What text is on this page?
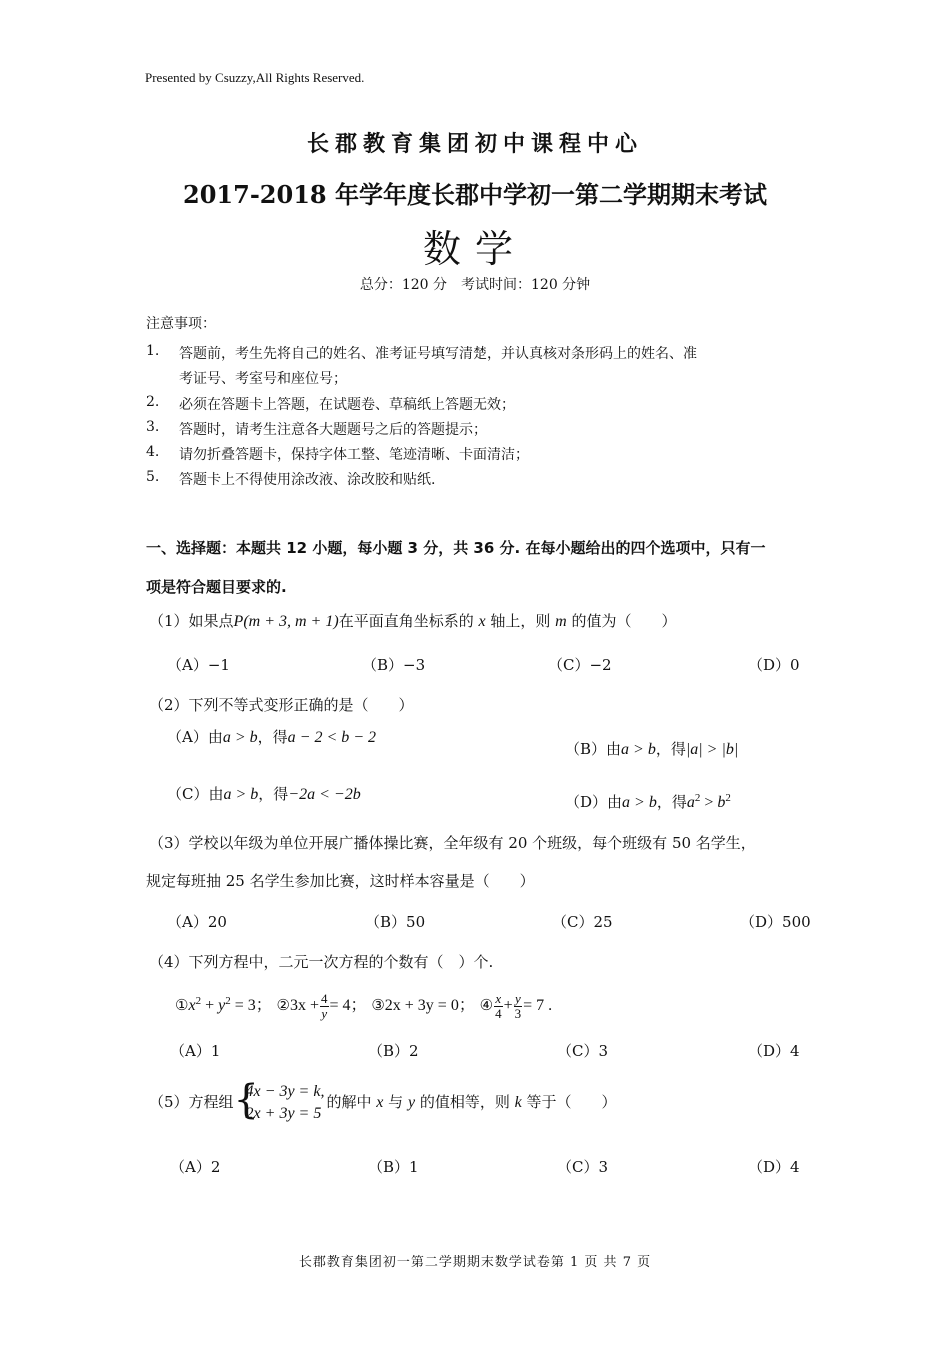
Presented by Csuzzy,All Rights Reserved.
长郡教育集团初中课程中心
2017-2018 年学年度长郡中学初一第二学期期末考试
数学
总分：120 分　考试时间：120 分钟
注意事项：
1. 答题前，考生先将自己的姓名、准考证号填写清楚，并认真核对条形码上的姓名、准
考证号、考室号和座位号；
2. 必须在答题卡上答题，在试题卷、草稿纸上答题无效；
3. 答题时，请考生注意各大题题号之后的答题提示；
4. 请勿折叠答题卡，保持字体工整、笔迹清晰、卡面清洁；
5. 答题卡上不得使用涂改液、涂改胶和贴纸.
一、选择题：本题共 12 小题，每小题 3 分，共 36 分. 在每小题给出的四个选项中，只有一
项是符合题目要求的.
（1）如果点P(m + 3, m + 1)在平面直角坐标系的 x 轴上，则 m 的值为（　　）
（A）−1	（B）−3	（C）−2	（D）0
（2）下列不等式变形正确的是（　　）
（A）由a > b，得a − 2 < b − 2
（B）由a > b，得|a| > |b|
（C）由a > b，得−2a < −2b	（D）由a > b，得$a^2 > b^2$
（3）学校以年级为单位开展广播体操比赛，全年级有 20 个班级，每个班级有 50 名学生，
规定每班抽 25 名学生参加比赛，这时样本容量是（　　）
（A）20	（B）50	（C）25	（D）500
（4）下列方程中，二元一次方程的个数有（　）个.
$①x^2 + y^2 = 3$； ②3x + $\frac{4}{y} = 4$； ③2x + 3y = 0； ④ $\frac{x}{4} + \frac{y}{3} = 7$ .
（A）1	（B）2	（C）3	（D）4
（5）方程组 {
4x − 3y = k,
2x + 3y = 5
的解中 x 与 y 的值相等，则 k 等于（　　）
（A）2	（B）1	（C）3	（D）4
长郡教育集团初一第二学期期末数学试卷第 1 页 共 7 页
